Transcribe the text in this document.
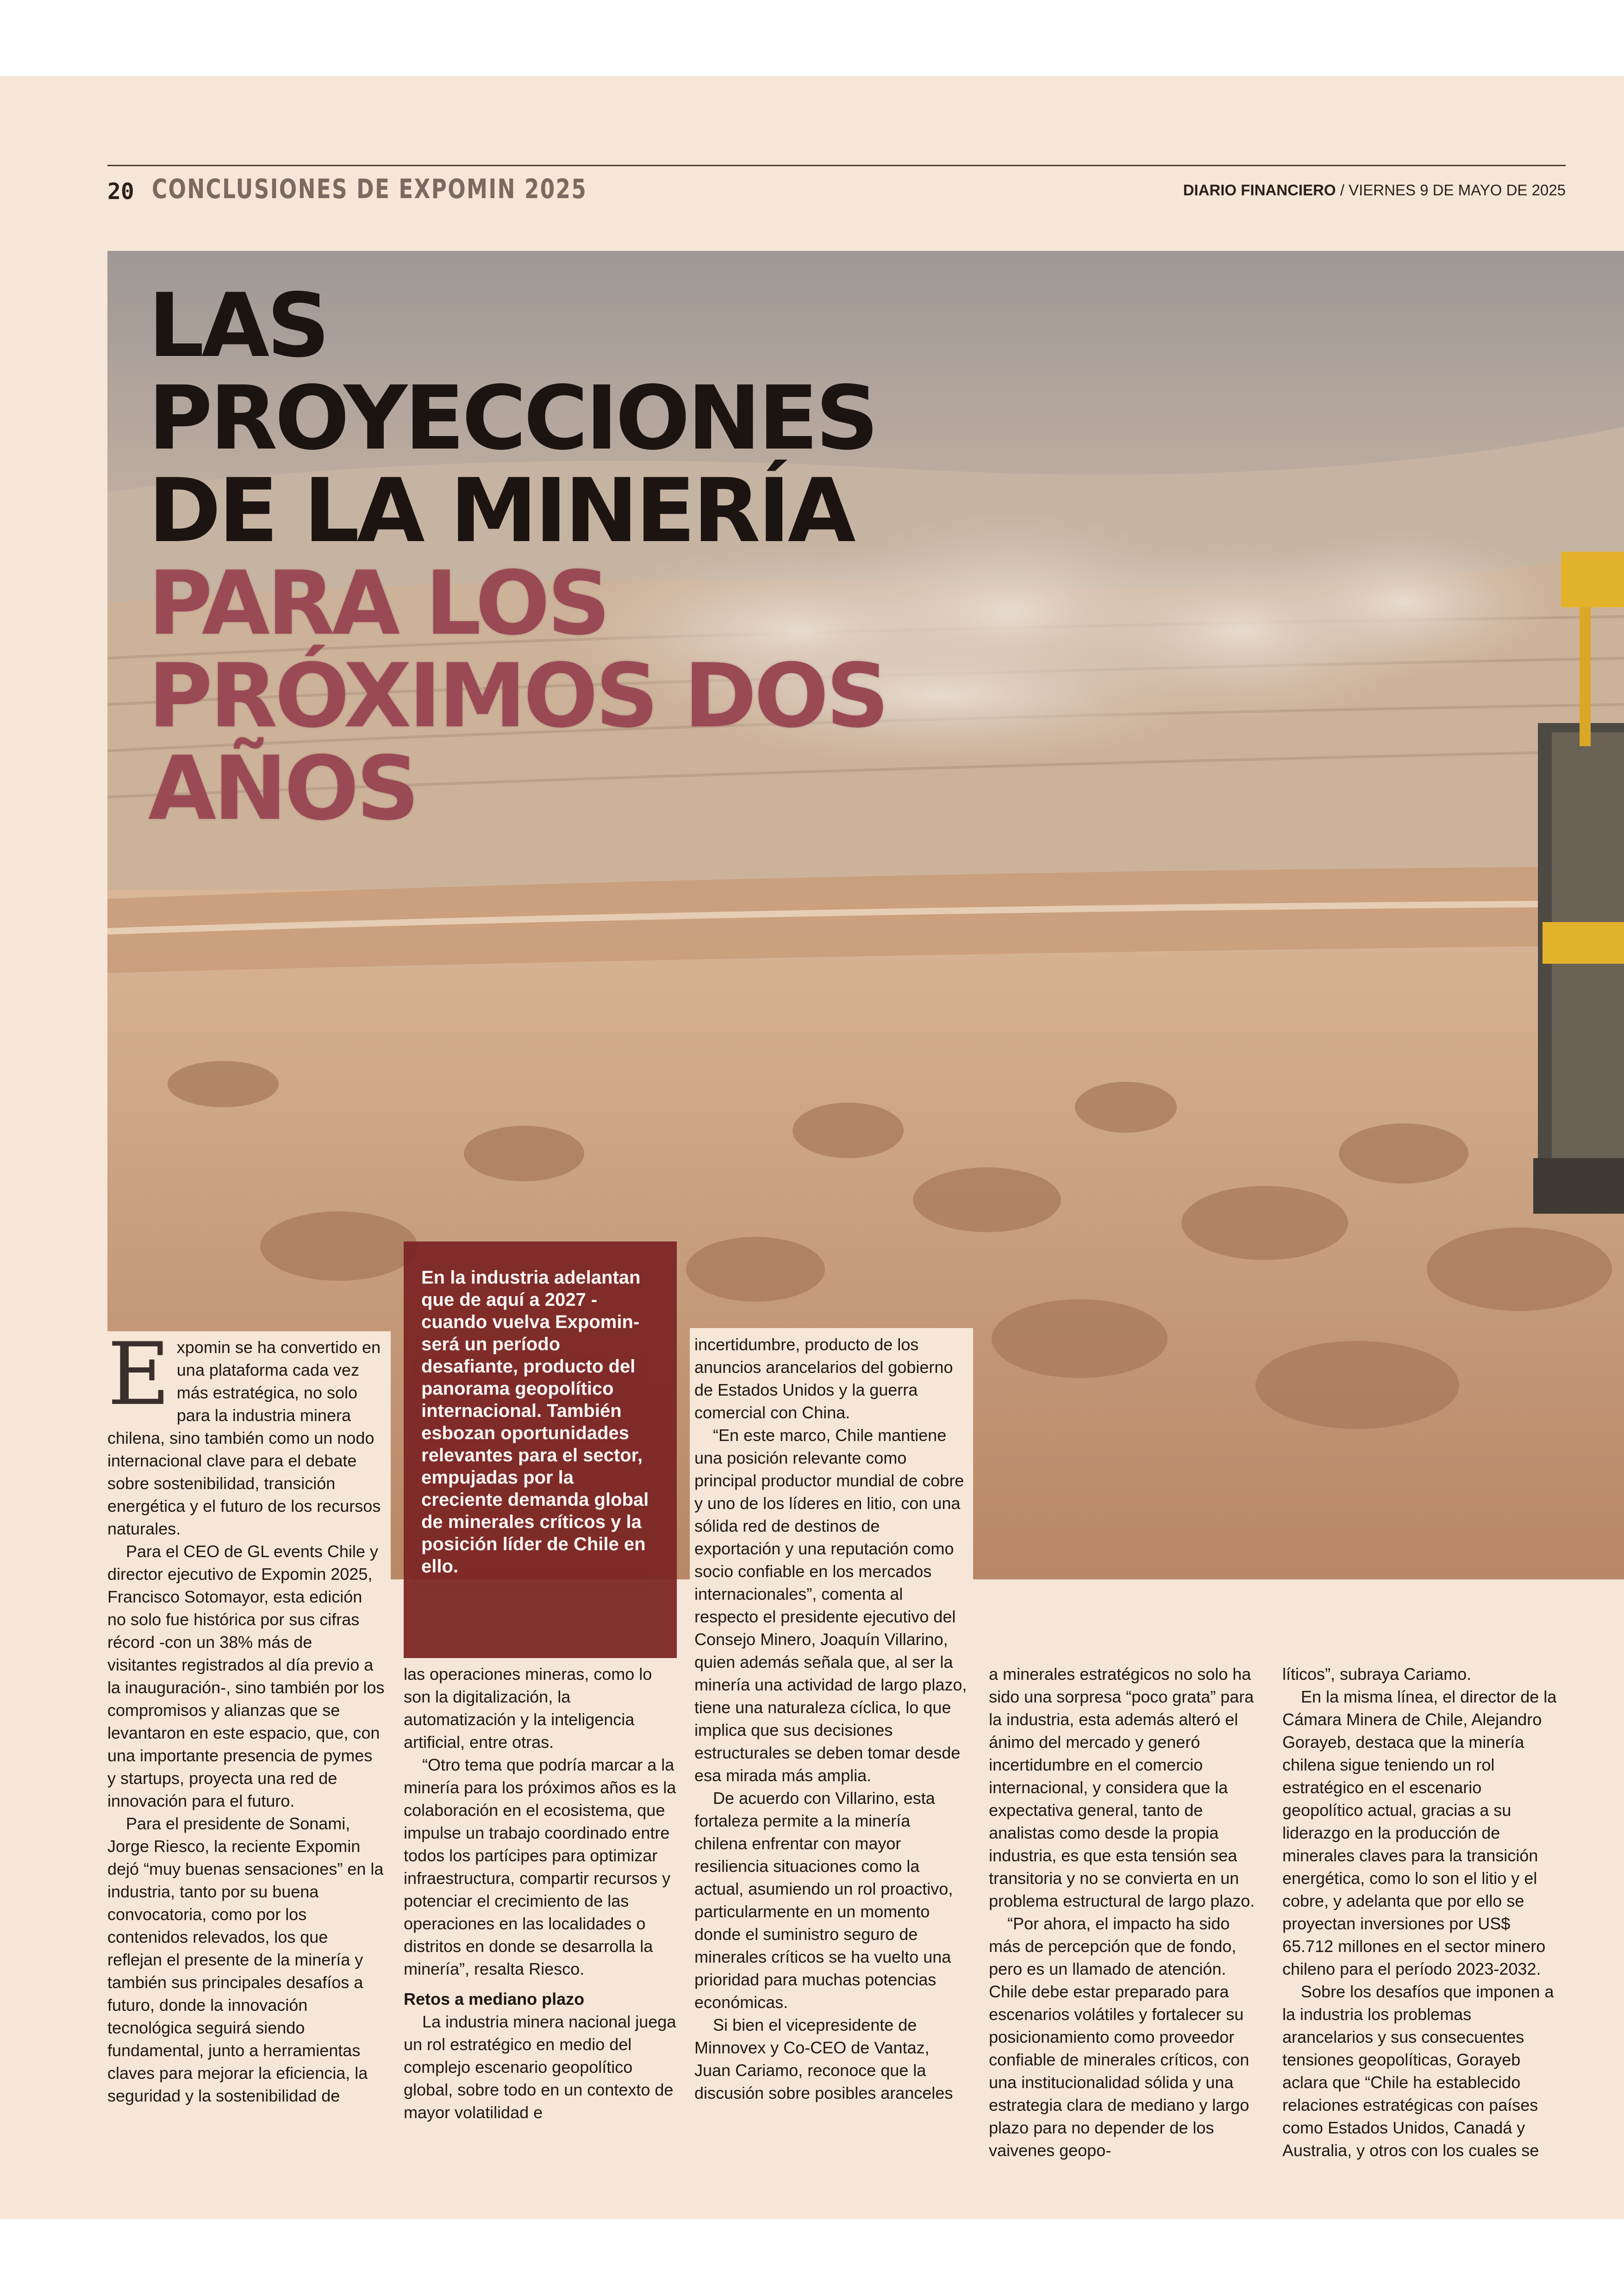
20 CONCLUSIONES DE EXPOMIN 2025	DIARIO FINANCIERO / VIERNES 9 DE MAYO DE 2025
LAS
PROYECCIONES
DE LA MINERÍA
PARA LOS
PRÓXIMOS DOS
AÑOS

Expomin se ha convertido en una plataforma cada vez más estratégica, no solo para la industria minera chilena, sino también como un nodo internacional clave para el debate sobre sostenibilidad, transición energética y el futuro de los recursos naturales.

Para el CEO de GL events Chile y director ejecutivo de Expomin 2025, Francisco Sotomayor, esta edición no solo fue histórica por sus cifras récord -con un 38% más de visitantes registrados al día previo a la inauguración-, sino también por los compromisos y alianzas que se levantaron en este espacio, que, con una importante presencia de pymes y startups, proyecta una red de innovación para el futuro.

Para el presidente de Sonami, Jorge Riesco, la reciente Expomin dejó “muy buenas sensaciones” en la industria, tanto por su buena convocatoria, como por los contenidos relevados, los que reflejan el presente de la minería y también sus principales desafíos a futuro, donde la innovación tecnológica seguirá siendo fundamental, junto a herramientas claves para mejorar la eficiencia, la seguridad y la sostenibilidad de

las operaciones mineras, como lo son la digitalización, la automatización y la inteligencia artificial, entre otras.

“Otro tema que podría marcar a la minería para los próximos años es la colaboración en el ecosistema, que impulse un trabajo coordinado entre todos los partícipes para optimizar infraestructura, compartir recursos y potenciar el crecimiento de las operaciones en las localidades o distritos en donde se desarrolla la minería”, resalta Riesco.

Retos a mediano plazo

La industria minera nacional juega un rol estratégico en medio del complejo escenario geopolítico global, sobre todo en un contexto de mayor volatilidad e

En la industria adelantan que de aquí a 2027 -cuando vuelva Expomin- será un período desafiante, producto del panorama geopolítico internacional. También esbozan oportunidades relevantes para el sector, empujadas por la creciente demanda global de minerales críticos y la posición líder de Chile en ello.

incertidumbre, producto de los anuncios arancelarios del gobierno de Estados Unidos y la guerra comercial con China.

“En este marco, Chile mantiene una posición relevante como principal productor mundial de cobre y uno de los líderes en litio, con una sólida red de destinos de exportación y una reputación como socio confiable en los mercados internacionales”, comenta al respecto el presidente ejecutivo del Consejo Minero, Joaquín Villarino, quien además señala que, al ser la minería una actividad de largo plazo, tiene una naturaleza cíclica, lo que implica que sus decisiones estructurales se deben tomar desde esa mirada más amplia.

De acuerdo con Villarino, esta fortaleza permite a la minería chilena enfrentar con mayor resiliencia situaciones como la actual, asumiendo un rol proactivo, particularmente en un momento donde el suministro seguro de minerales críticos se ha vuelto una prioridad para muchas potencias económicas.

Si bien el vicepresidente de Minnovex y Co-CEO de Vantaz, Juan Cariamo, reconoce que la discusión sobre posibles aranceles

a minerales estratégicos no solo ha sido una sorpresa “poco grata” para la industria, esta además alteró el ánimo del mercado y generó incertidumbre en el comercio internacional, y considera que la expectativa general, tanto de analistas como desde la propia industria, es que esta tensión sea transitoria y no se convierta en un problema estructural de largo plazo.

“Por ahora, el impacto ha sido más de percepción que de fondo, pero es un llamado de atención. Chile debe estar preparado para escenarios volátiles y fortalecer su posicionamiento como proveedor confiable de minerales críticos, con una institucionalidad sólida y una estrategia clara de mediano y largo plazo para no depender de los vaivenes geopo-

líticos”, subraya Cariamo.

En la misma línea, el director de la Cámara Minera de Chile, Alejandro Gorayeb, destaca que la minería chilena sigue teniendo un rol estratégico en el escenario geopolítico actual, gracias a su liderazgo en la producción de minerales claves para la transición energética, como lo son el litio y el cobre, y adelanta que por ello se proyectan inversiones por US$ 65.712 millones en el sector minero chileno para el período 2023-2032.

Sobre los desafíos que imponen a la industria los problemas arancelarios y sus consecuentes tensiones geopolíticas, Gorayeb aclara que “Chile ha establecido relaciones estratégicas con países como Estados Unidos, Canadá y Australia, y otros con los cuales se
